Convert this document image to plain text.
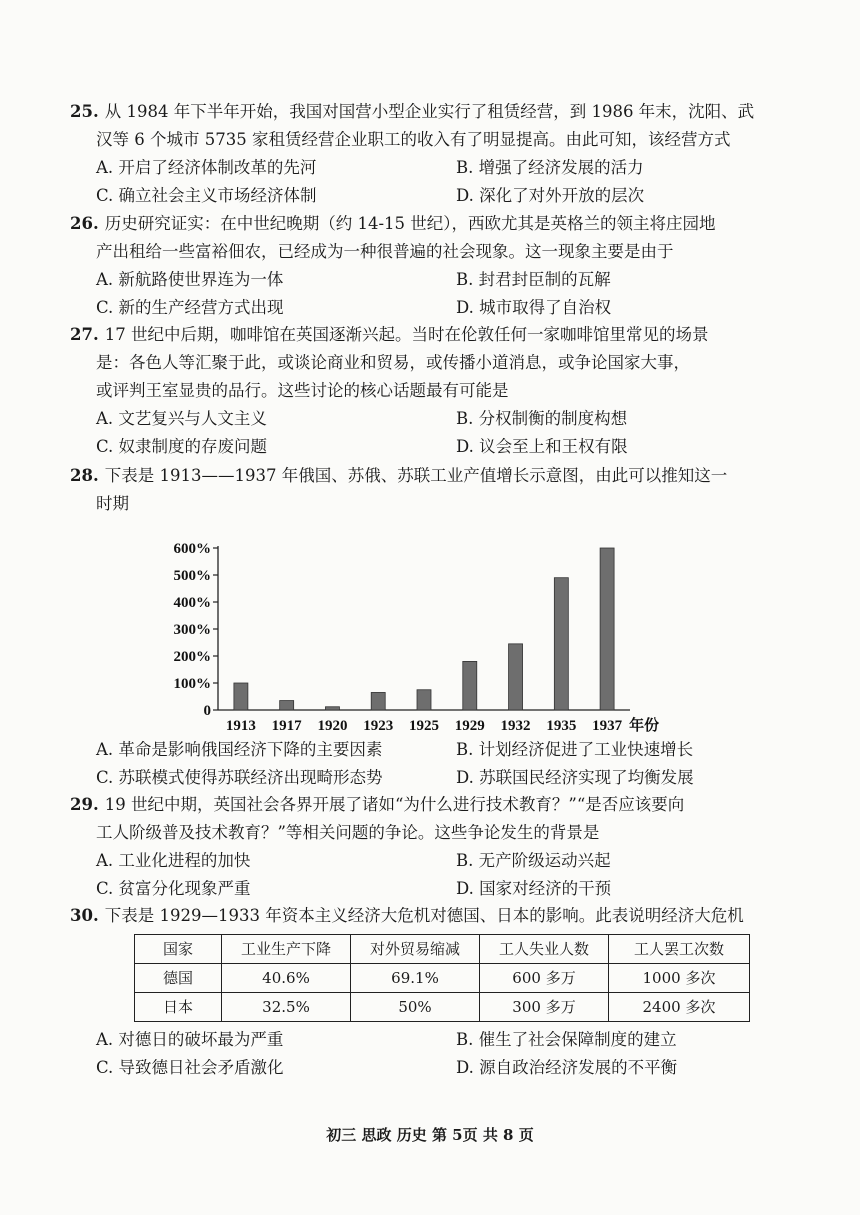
25. 从 1984 年下半年开始，我国对国营小型企业实行了租赁经营，到 1986 年末，沈阳、武

汉等 6 个城市 5735 家租赁经营企业职工的收入有了明显提高。由此可知，该经营方式

A. 开启了经济体制改革的先河	B. 增强了经济发展的活力
C. 确立社会主义市场经济体制	D. 深化了对外开放的层次

26. 历史研究证实：在中世纪晚期（约 14-15 世纪），西欧尤其是英格兰的领主将庄园地

产出租给一些富裕佃农，已经成为一种很普遍的社会现象。这一现象主要是由于

A. 新航路使世界连为一体	B. 封君封臣制的瓦解
C. 新的生产经营方式出现	D. 城市取得了自治权

27. 17 世纪中后期，咖啡馆在英国逐渐兴起。当时在伦敦任何一家咖啡馆里常见的场景

是：各色人等汇聚于此，或谈论商业和贸易，或传播小道消息，或争论国家大事，

或评判王室显贵的品行。这些讨论的核心话题最有可能是

A. 文艺复兴与人文主义	B. 分权制衡的制度构想
C. 奴隶制度的存废问题	D. 议会至上和王权有限

28. 下表是 1913——1937 年俄国、苏俄、苏联工业产值增长示意图，由此可以推知这一

时期

0
100%
200%
300%
400%
500%
600%
1913 1917 1920 1923 1925 1929 1932 1935 1937 年份
A. 革命是影响俄国经济下降的主要因素	B. 计划经济促进了工业快速增长
C. 苏联模式使得苏联经济出现畸形态势	D. 苏联国民经济实现了均衡发展

29. 19 世纪中期，英国社会各界开展了诸如“为什么进行技术教育？”“是否应该要向

工人阶级普及技术教育？”等相关问题的争论。这些争论发生的背景是

A. 工业化进程的加快	B. 无产阶级运动兴起
C. 贫富分化现象严重	D. 国家对经济的干预

30. 下表是 1929—1933 年资本主义经济大危机对德国、日本的影响。此表说明经济大危机

国家	工业生产下降	对外贸易缩减	工人失业人数	工人罢工次数
德国	40.6%	69.1%	600 多万	1000 多次
日本	32.5%	50%	300 多万	2400 多次
A. 对德日的破坏最为严重	B. 催生了社会保障制度的建立
C. 导致德日社会矛盾激化	D. 源自政治经济发展的不平衡
初三 思政 历史 第 5页 共 8 页
